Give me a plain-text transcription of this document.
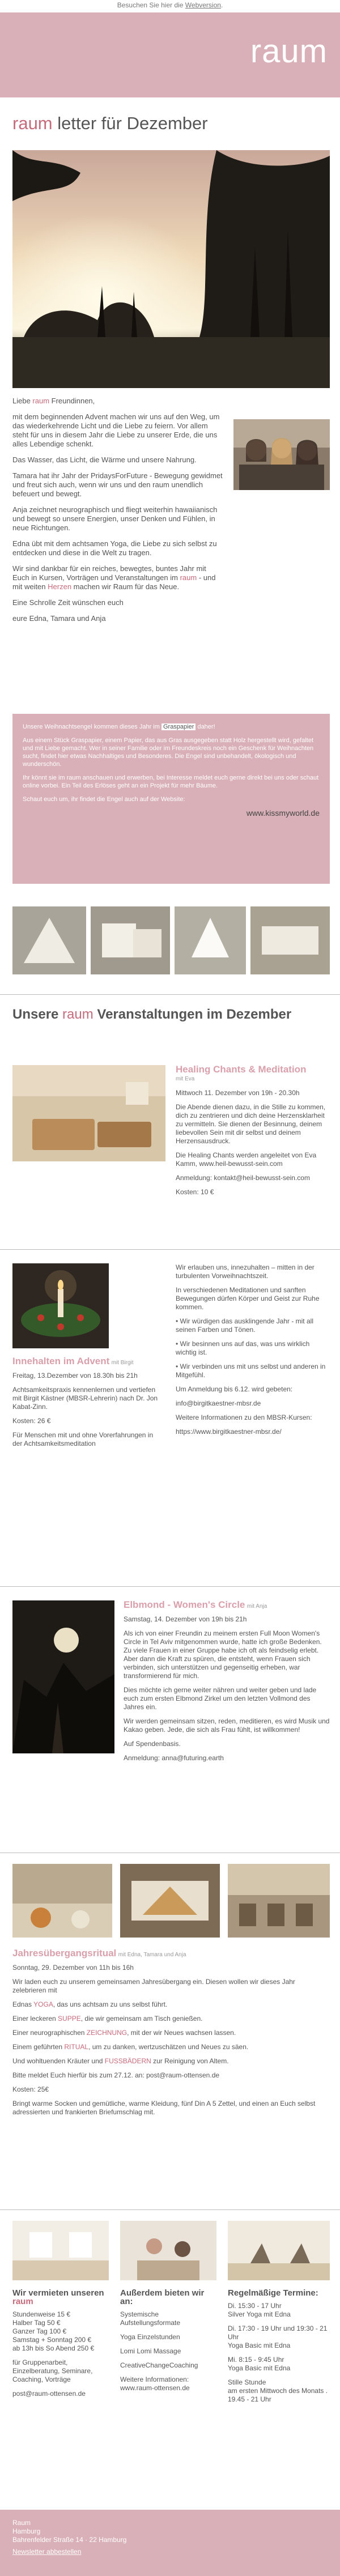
Besuchen Sie hier die Webversion.
raum
raum letter für Dezember

Liebe raum Freundinnen,

mit dem beginnenden Advent machen wir uns auf den Weg, um das wiederkehrende Licht und die Liebe zu feiern. Vor allem steht für uns in diesem Jahr die Liebe zu unserer Erde, die uns alles Lebendige schenkt.

Das Wasser, das Licht, die Wärme und unsere Nahrung.

Tamara hat ihr Jahr der PridaysForFuture - Bewegung gewidmet und freut sich auch, wenn wir uns und den raum unendlich befeuert und bewegt.

Anja zeichnet neurographisch und fliegt weiterhin hawaiianisch und bewegt so unsere Energien, unser Denken und Fühlen, in neue Richtungen.

Edna übt mit dem achtsamen Yoga, die Liebe zu sich selbst zu entdecken und diese in die Welt zu tragen.

Wir sind dankbar für ein reiches, bewegtes, buntes Jahr mit Euch in Kursen, Vorträgen und Veranstaltungen im raum - und mit weiten Herzen machen wir Raum für das Neue.

Eine Schrolle Zeit wünschen euch

eure Edna, Tamara und Anja

Unsere Weihnachtsengel kommen dieses Jahr im Graspapier daher!

Aus einem Stück Graspapier, einem Papier, das aus Gras ausgegeben statt Holz hergestellt wird, gefaltet und mit Liebe gemacht. Wer in seiner Familie oder im Freundeskreis noch ein Geschenk für Weihnachten sucht, findet hier etwas Nachhaltiges und Besonderes. Die Engel sind unbehandelt, ökologisch und wunderschön.

Ihr könnt sie im raum anschauen und erwerben, bei Interesse meldet euch gerne direkt bei uns oder schaut online vorbei. Ein Teil des Erlöses geht an ein Projekt für mehr Bäume.

Schaut euch um, ihr findet die Engel auch auf der Website:

www.kissmyworld.de
Unsere raum Veranstaltungen im Dezember
Healing Chants & Meditation
mit Eva

Mittwoch 11. Dezember von 19h - 20.30h

Die Abende dienen dazu, in die Stille zu kommen, dich zu zentrieren und dich deine Herzensklarheit zu vermitteln. Sie dienen der Besinnung, deinem liebevollen Sein mit dir selbst und deinem Herzensausdruck.

Die Healing Chants werden angeleitet von Eva Kamm, www.heil-bewusst-sein.com

Anmeldung: kontakt@heil-bewusst-sein.com

Kosten: 10 €

Innehalten im Advent mit Birgit

Freitag, 13.Dezember von 18.30h bis 21h

Achtsamkeitspraxis kennenlernen und vertiefen mit Birgit Kästner (MBSR-Lehrerin) nach Dr. Jon Kabat-Zinn.

Kosten: 26 €

Für Menschen mit und ohne Vorerfahrungen in der Achtsamkeitsmeditation

Wir erlauben uns, innezuhalten – mitten in der turbulenten Vorweihnachtszeit.

In verschiedenen Meditationen und sanften Bewegungen dürfen Körper und Geist zur Ruhe kommen.

• Wir würdigen das ausklingende Jahr - mit all seinen Farben und Tönen.

• Wir besinnen uns auf das, was uns wirklich wichtig ist.

• Wir verbinden uns mit uns selbst und anderen in Mitgefühl.

Um Anmeldung bis 6.12. wird gebeten:

info@birgitkaestner-mbsr.de

Weitere Informationen zu den MBSR-Kursen:

https://www.birgitkaestner-mbsr.de/

Elbmond - Women's Circle mit Anja

Samstag, 14. Dezember von 19h bis 21h

Als ich von einer Freundin zu meinem ersten Full Moon Women's Circle in Tel Aviv mitgenommen wurde, hatte ich große Bedenken. Zu viele Frauen in einer Gruppe habe ich oft als feindselig erlebt. Aber dann die Kraft zu spüren, die entsteht, wenn Frauen sich verbinden, sich unterstützen und gegenseitig erheben, war transformierend für mich.

Dies möchte ich gerne weiter nähren und weiter geben und lade euch zum ersten Elbmond Zirkel um den letzten Vollmond des Jahres ein.

Wir werden gemeinsam sitzen, reden, meditieren, es wird Musik und Kakao geben. Jede, die sich als Frau fühlt, ist willkommen!

Auf Spendenbasis.

Anmeldung: anna@futuring.earth

Jahresübergangsritual mit Edna, Tamara und Anja

Sonntag, 29. Dezember von 11h bis 16h

Wir laden euch zu unserem gemeinsamen Jahresübergang ein. Diesen wollen wir dieses Jahr zelebrieren mit

Ednas YOGA, das uns achtsam zu uns selbst führt.

Einer leckeren SUPPE, die wir gemeinsam am Tisch genießen.

Einer neurographischen ZEICHNUNG, mit der wir Neues wachsen lassen.

Einem geführten RITUAL, um zu danken, wertzuschätzen und Neues zu säen.

Und wohltuenden Kräuter und FUSSBÄDERN zur Reinigung von Altem.

Bitte meldet Euch hierfür bis zum 27.12. an: post@raum-ottensen.de

Kosten: 25€

Bringt warme Socken und gemütliche, warme Kleidung, fünf Din A 5 Zettel, und einen an Euch selbst adressierten und frankierten Briefumschlag mit.

Wir vermieten unseren raum
Stundenweise 15 €
Halber Tag 50 €
Ganzer Tag 100 €
Samstag + Sonntag 200 €
ab 13h bis So Abend 250 €

für Gruppenarbeit, Einzelberatung, Seminare, Coaching, Vorträge

post@raum-ottensen.de

Außerdem bieten wir an:

Systemische Aufstellungsformate

Yoga Einzelstunden

Lomi Lomi Massage

CreativeChangeCoaching

Weitere Informationen: www.raum-ottensen.de

Regelmäßige Termine:
Di. 15:30 - 17 Uhr

Silver Yoga mit Edna

Di. 17:30 - 19 Uhr und 19:30 - 21 Uhr

Yoga Basic mit Edna

Mi. 8:15 - 9:45 Uhr

Yoga Basic mit Edna

Stille Stunde

am ersten Mittwoch des Monats . 19.45 - 21 Uhr

Raum
Hamburg
Bahrenfelder Straße 14 · 22 Hamburg
Newsletter abbestellen
